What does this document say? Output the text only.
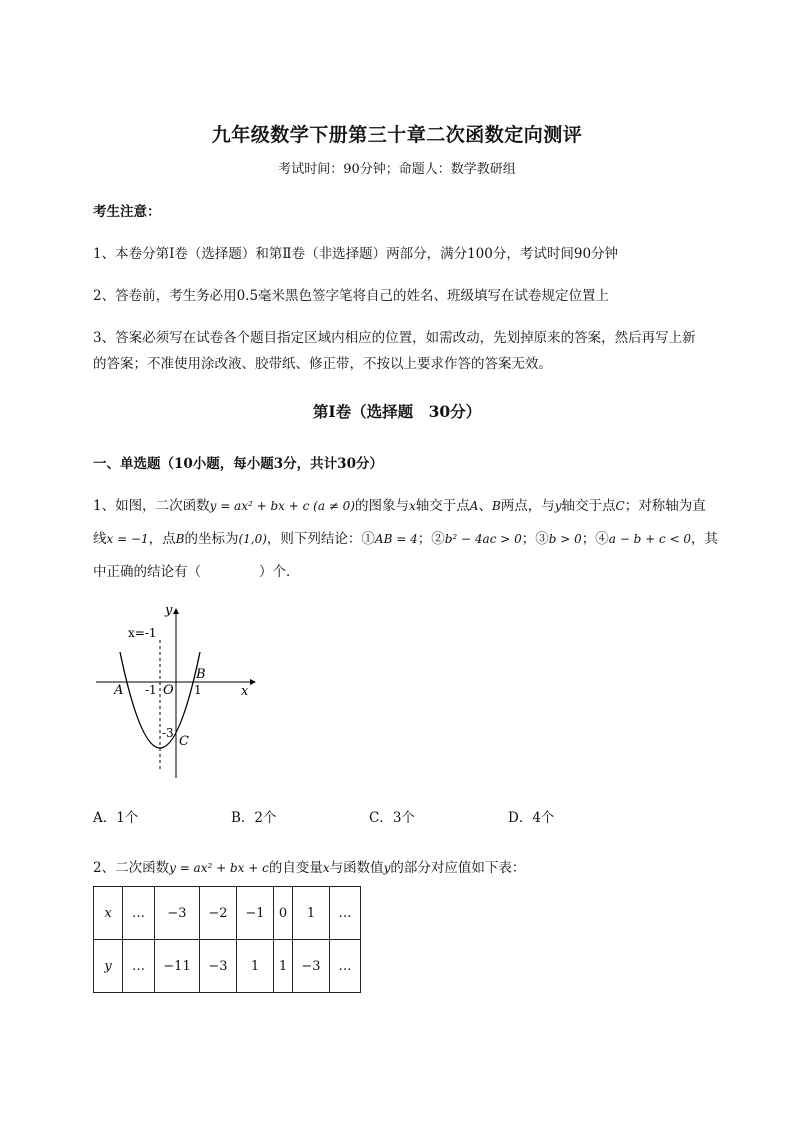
九年级数学下册第三十章二次函数定向测评
考试时间：90分钟；命题人：数学教研组
考生注意：
1、本卷分第Ⅰ卷（选择题）和第Ⅱ卷（非选择题）两部分，满分100分，考试时间90分钟
2、答卷前，考生务必用0.5毫米黑色签字笔将自己的姓名、班级填写在试卷规定位置上
3、答案必须写在试卷各个题目指定区域内相应的位置，如需改动，先划掉原来的答案，然后再写上新
的答案；不准使用涂改液、胶带纸、修正带，不按以上要求作答的答案无效。
第Ⅰ卷（选择题　30分）
一、单选题（10小题，每小题3分，共计30分）
1、如图，二次函数y = ax² + bx + c (a ≠ 0)的图象与x轴交于点A、B两点，与y轴交于点C；对称轴为直
线x = −1，点B的坐标为(1,0)，则下列结论：①AB = 4；②b² − 4ac > 0；③b > 0；④a − b + c < 0，其
中正确的结论有（	）个．
y
x
x=-1
A
B
C
O
-1	1
-3
A．1个	B．2个	C．3个	D．4个
2、二次函数y = ax² + bx + c的自变量x与函数值y的部分对应值如下表：
x	…	−3	−2	−1	0	1	…
y	…	−11	−3	1	1	−3	…
